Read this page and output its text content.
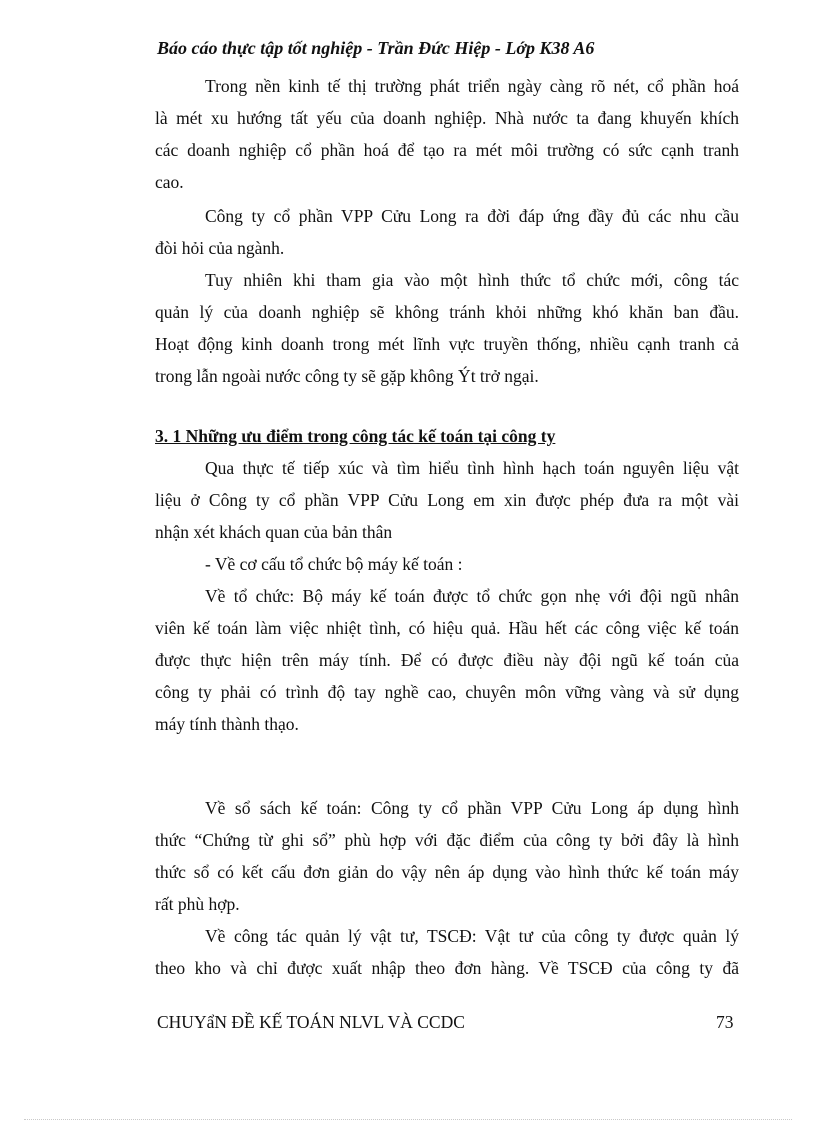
Báo cáo thực tập tốt nghiệp - Trần Đức Hiệp - Lớp K38 A6
Trong nền kinh tế thị trường phát triển ngày càng rõ nét, cổ phần hoá
là mét xu hướng tất yếu của doanh nghiệp. Nhà nước ta đang khuyến khích
các doanh nghiệp cổ phần hoá để tạo ra mét môi trường có sức cạnh tranh
cao.
Công ty cổ phần VPP Cửu Long ra đời đáp ứng đầy đủ các nhu cầu
đòi hỏi của ngành.
Tuy nhiên khi tham gia vào một hình thức tổ chức mới, công tác
quản lý của doanh nghiệp sẽ không tránh khỏi những khó khăn ban đầu.
Hoạt động kinh doanh trong mét lĩnh vực truyền thống, nhiều cạnh tranh cả
trong lẫn ngoài nước công ty sẽ gặp không Ýt trở ngại.
3. 1 Những ưu điểm trong công tác kế toán tại công ty
Qua thực tế tiếp xúc và tìm hiểu tình hình hạch toán nguyên liệu vật
liệu ở Công ty cổ phần VPP Cửu Long em xin được phép đưa ra một vài
nhận xét khách quan của bản thân
- Về cơ cấu tổ chức bộ máy kế toán :
Về tổ chức: Bộ máy kế toán được tổ chức gọn nhẹ với đội ngũ nhân
viên kế toán làm việc nhiệt tình, có hiệu quả. Hầu hết các công việc kế toán
được thực hiện trên máy tính. Để có được điều này đội ngũ kế toán của
công ty phải có trình độ tay nghề cao, chuyên môn vững vàng và sử dụng
máy tính thành thạo.
Về sổ sách kế toán: Công ty cổ phần VPP Cửu Long áp dụng hình
thức “Chứng từ ghi sổ” phù hợp với đặc điểm của công ty bởi đây là hình
thức sổ có kết cấu đơn giản do vậy nên áp dụng vào hình thức kế toán máy
rất phù hợp.
Về công tác quản lý vật tư, TSCĐ: Vật tư của công ty được quản lý
theo kho và chỉ được xuất nhập theo đơn hàng. Về TSCĐ của công ty đã
CHUYẩN ĐỀ KẾ TOÁN NLVL VÀ CCDC	73
